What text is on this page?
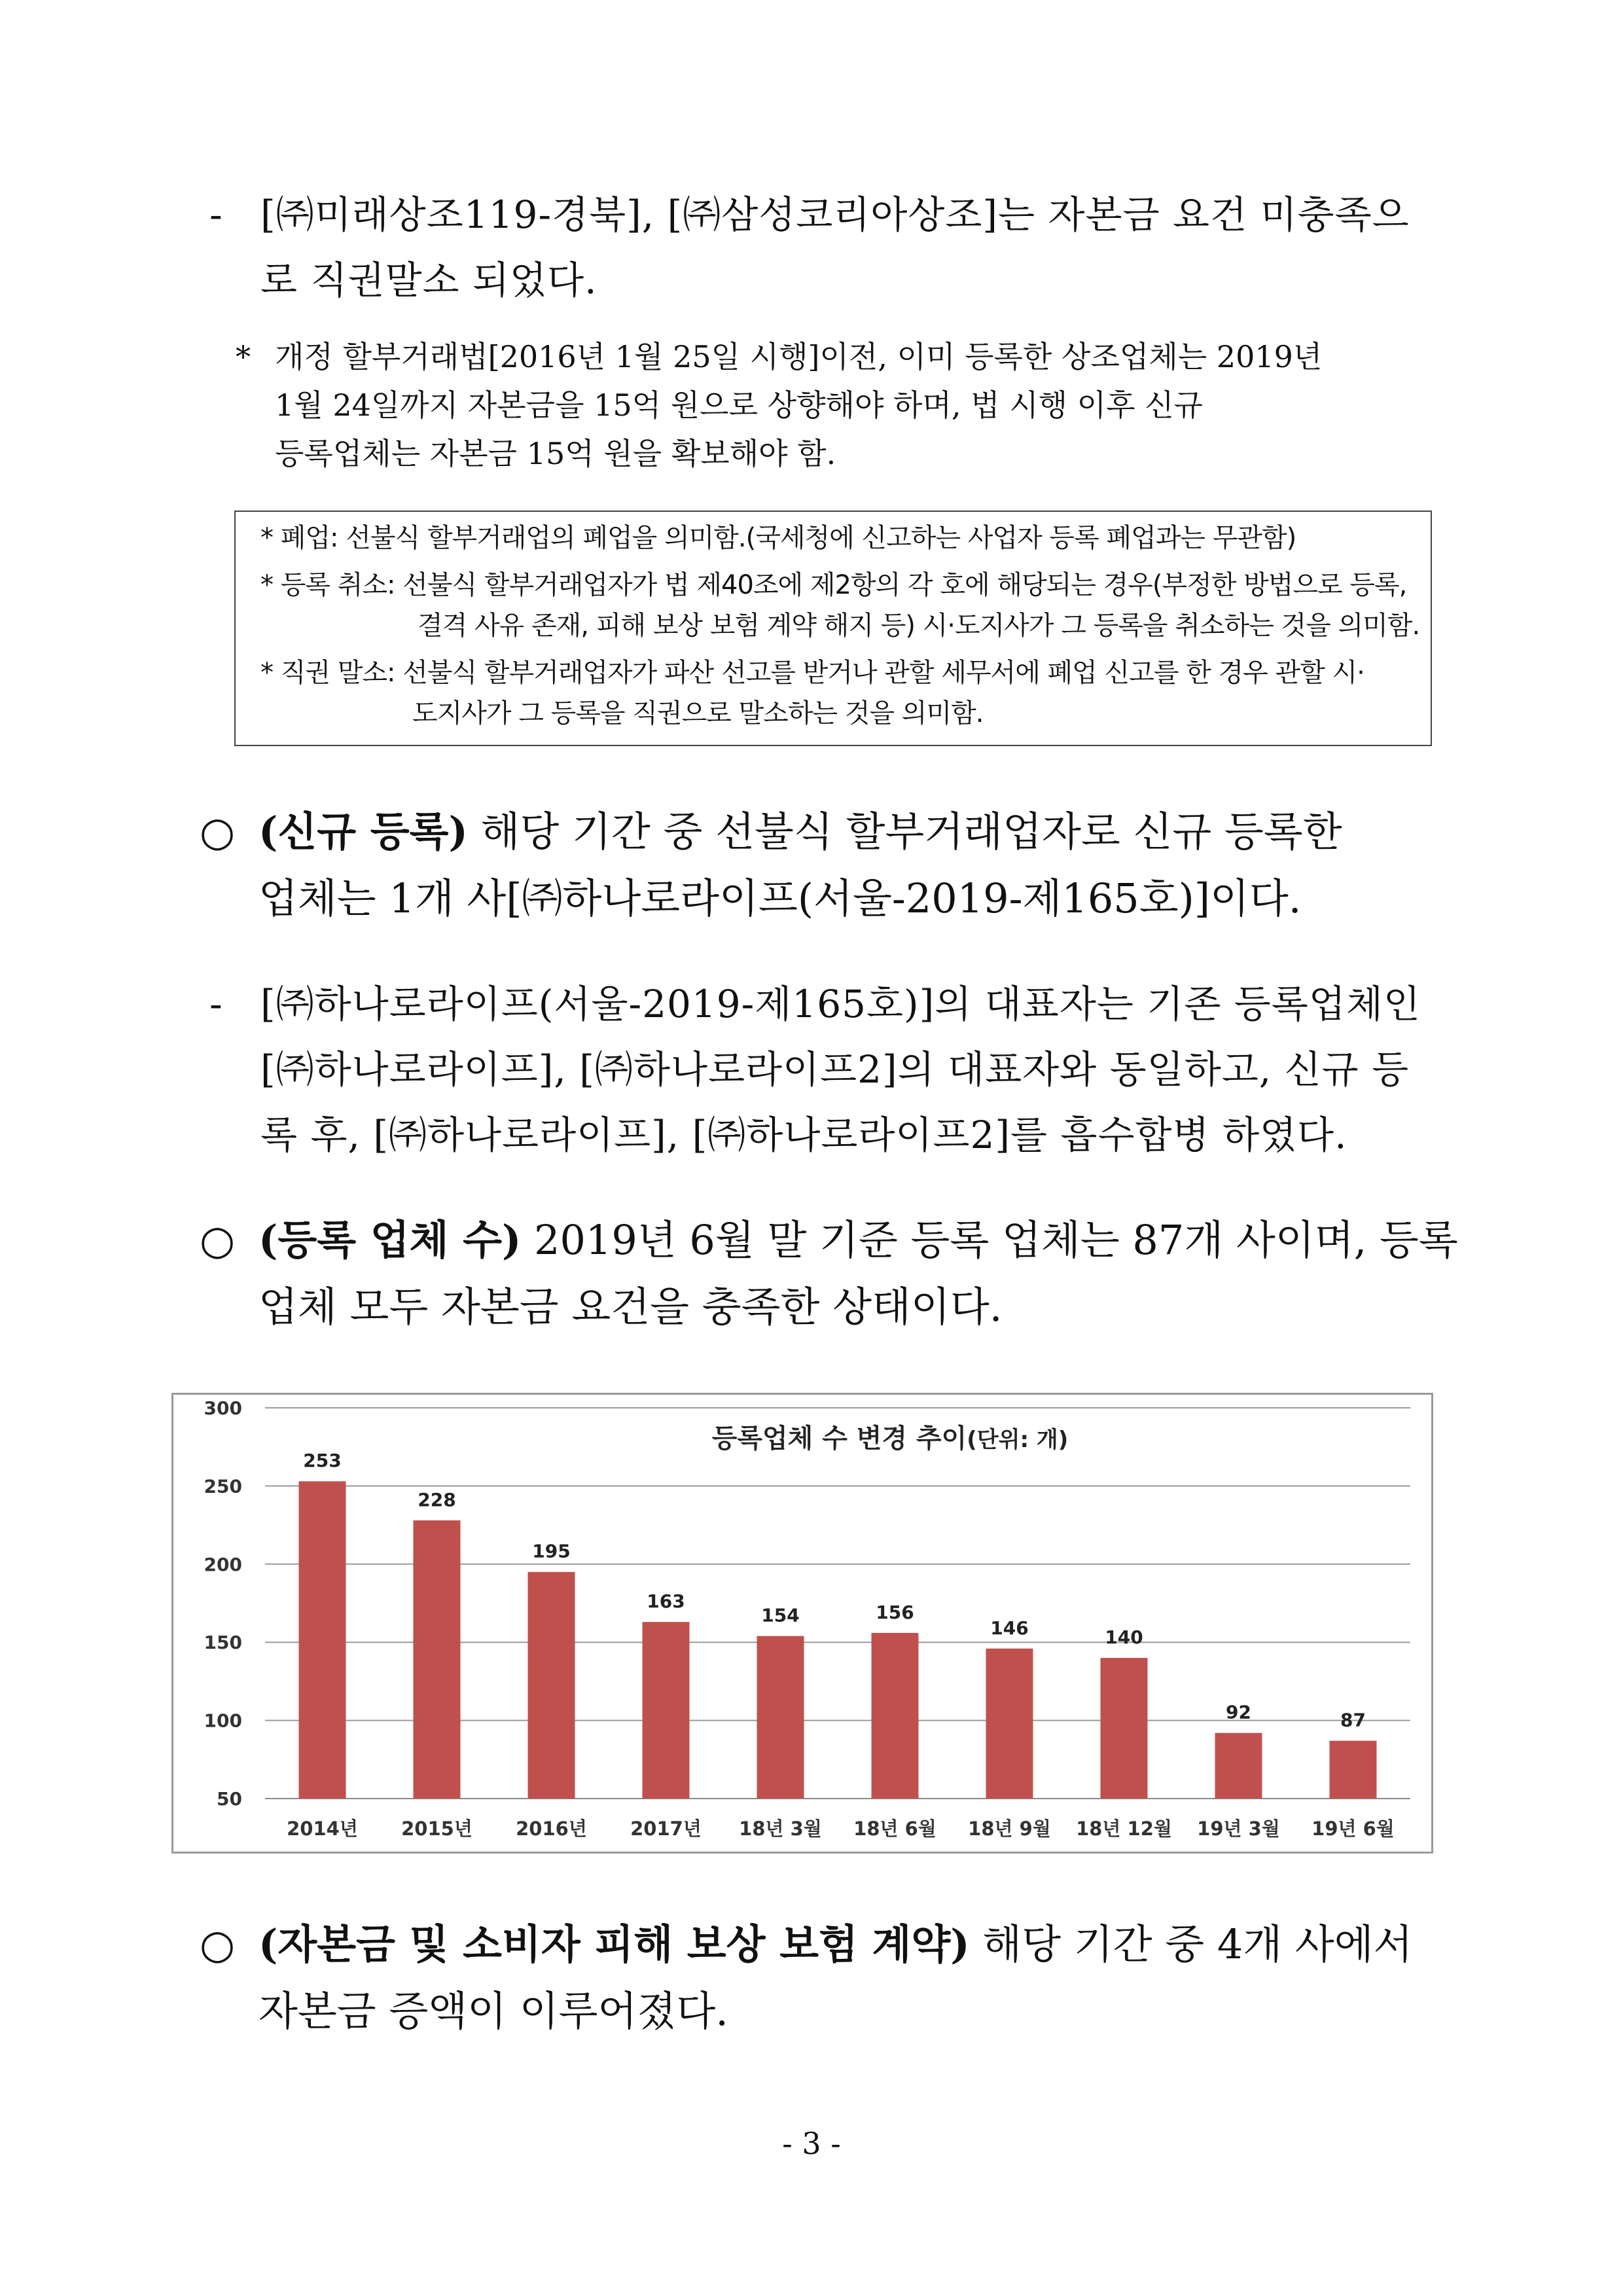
- [㈜미래상조119-경북], [㈜삼성코리아상조]는 자본금 요건 미충족으
로 직권말소 되었다.
* 개정 할부거래법[2016년 1월 25일 시행]이전, 이미 등록한 상조업체는 2019년
1월 24일까지 자본금을 15억 원으로 상향해야 하며, 법 시행 이후 신규
등록업체는 자본금 15억 원을 확보해야 함.
* 폐업: 선불식 할부거래업의 폐업을 의미함.(국세청에 신고하는 사업자 등록 폐업과는 무관함)
* 등록 취소: 선불식 할부거래업자가 법 제40조에 제2항의 각 호에 해당되는 경우(부정한 방법으로 등록,
결격 사유 존재, 피해 보상 보험 계약 해지 등) 시·도지사가 그 등록을 취소하는 것을 의미함.
* 직권 말소: 선불식 할부거래업자가 파산 선고를 받거나 관할 세무서에 폐업 신고를 한 경우 관할 시·
도지사가 그 등록을 직권으로 말소하는 것을 의미함.
○ (신규 등록) 해당 기간 중 선불식 할부거래업자로 신규 등록한
업체는 1개 사[㈜하나로라이프(서울-2019-제165호)]이다.
- [㈜하나로라이프(서울-2019-제165호)]의 대표자는 기존 등록업체인
[㈜하나로라이프], [㈜하나로라이프2]의 대표자와 동일하고, 신규 등
록 후, [㈜하나로라이프], [㈜하나로라이프2]를 흡수합병 하였다.
○ (등록 업체 수) 2019년 6월 말 기준 등록 업체는 87개 사이며, 등록
업체 모두 자본금 요건을 충족한 상태이다.
50
100
150
200
250
300
등록업체 수 변경 추이(단위: 개)
253
2014년
228
2015년
195
2016년
163
2017년
154
18년 3월
156
18년 6월
146
18년 9월
140
18년 12월
92
19년 3월
87
19년 6월
○ (자본금 및 소비자 피해 보상 보험 계약) 해당 기간 중 4개 사에서
자본금 증액이 이루어졌다.
- 3 -
